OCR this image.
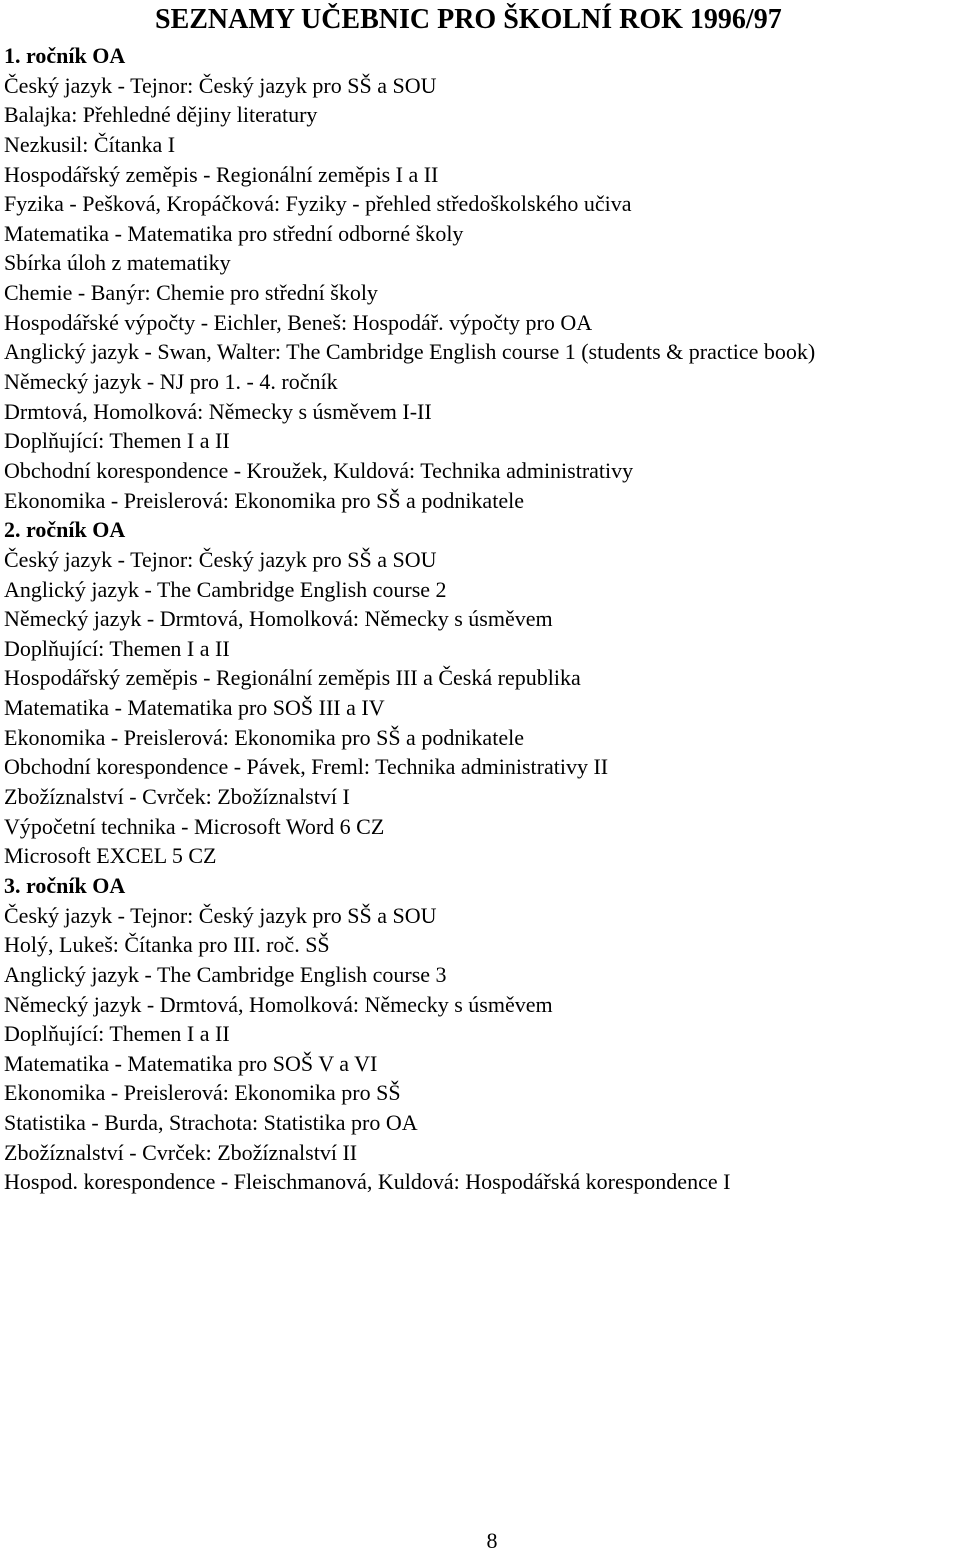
SEZNAMY UČEBNIC PRO ŠKOLNÍ ROK 1996/97
1. ročník OA
Český jazyk - Tejnor: Český jazyk pro SŠ a SOU
Balajka: Přehledné dějiny literatury
Nezkusil: Čítanka I
Hospodářský zeměpis - Regionální zeměpis I a II
Fyzika - Pešková, Kropáčková: Fyziky - přehled středoškolského učiva
Matematika - Matematika pro střední odborné školy
Sbírka úloh z matematiky
Chemie - Banýr: Chemie pro střední školy
Hospodářské výpočty - Eichler, Beneš: Hospodář. výpočty pro OA
Anglický jazyk - Swan, Walter: The Cambridge English course 1 (students & practice book)
Německý jazyk - NJ pro 1. - 4. ročník
Drmtová, Homolková: Německy s úsměvem I-II
Doplňující: Themen I a II
Obchodní korespondence - Kroužek, Kuldová: Technika administrativy
Ekonomika - Preislerová: Ekonomika pro SŠ a podnikatele
2. ročník OA
Český jazyk - Tejnor: Český jazyk pro SŠ a SOU
Anglický jazyk - The Cambridge English course 2
Německý jazyk - Drmtová, Homolková: Německy s úsměvem
Doplňující: Themen I a II
Hospodářský zeměpis - Regionální zeměpis III a Česká republika
Matematika - Matematika pro SOŠ III a IV
Ekonomika - Preislerová: Ekonomika pro SŠ a podnikatele
Obchodní korespondence - Pávek, Freml: Technika administrativy II
Zbožíznalství - Cvrček: Zbožíznalství I
Výpočetní technika - Microsoft Word 6 CZ
Microsoft EXCEL 5 CZ
3. ročník OA
Český jazyk - Tejnor: Český jazyk pro SŠ a SOU
Holý, Lukeš: Čítanka pro III. roč. SŠ
Anglický jazyk - The Cambridge English course 3
Německý jazyk - Drmtová, Homolková: Německy s úsměvem
Doplňující: Themen I a II
Matematika - Matematika pro SOŠ V a VI
Ekonomika - Preislerová: Ekonomika pro SŠ
Statistika - Burda, Strachota: Statistika pro OA
Zbožíznalství - Cvrček: Zbožíznalství II
Hospod. korespondence - Fleischmanová, Kuldová: Hospodářská korespondence I
8
